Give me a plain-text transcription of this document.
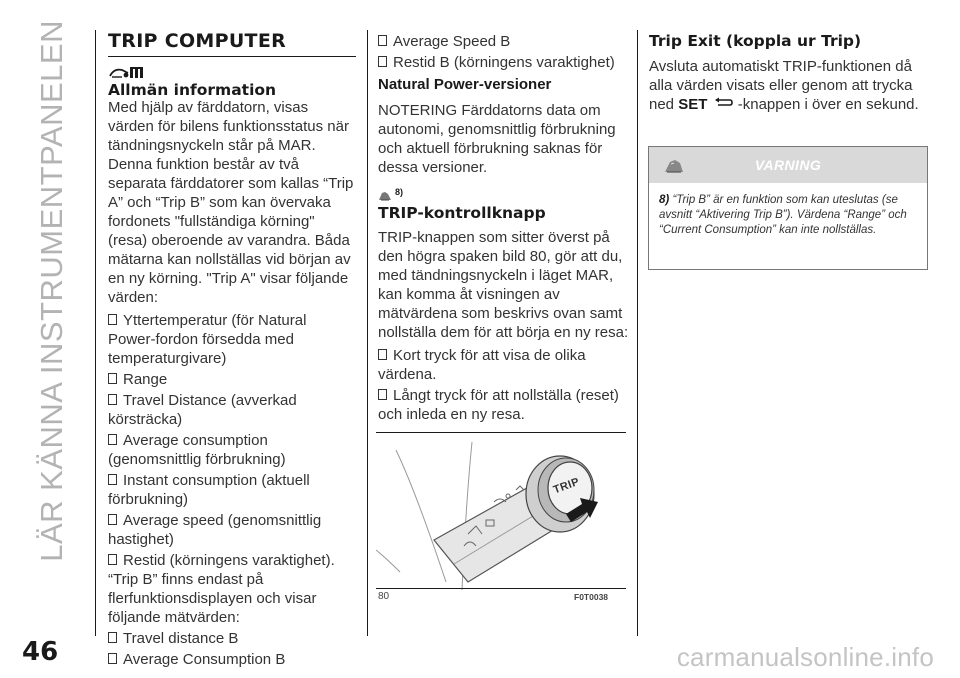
LÄR KÄNNA INSTRUMENTPANELEN
46	carmanualsonline.info
TRIP COMPUTER
Allmän information

Med hjälp av färddatorn, visas värden för bilens funktionsstatus när tändningsnyckeln står på MAR. Denna funktion består av två separata färddatorer som kallas “Trip A” och “Trip B” som kan övervaka fordonets "fullständiga körning" (resa) oberoende av varandra. Båda mätarna kan nollställas vid början av en ny körning. "Trip A" visar följande värden:

Yttertemperatur (för Natural Power-fordon försedda med temperaturgivare)

Range

Travel Distance (avverkad körsträcka)

Average consumption (genomsnittlig förbrukning)

Instant consumption (aktuell förbrukning)

Average speed (genomsnittlig hastighet)

Restid (körningens varaktighet).

“Trip B” finns endast på flerfunktionsdisplayen och visar följande mätvärden:

Travel distance B

Average Consumption B

Average Speed B

Restid B (körningens varaktighet)

Natural Power-versioner

NOTERING Färddatorns data om autonomi, genomsnittlig förbrukning och aktuell förbrukning saknas för dessa versioner.

8)
TRIP-kontrollknapp

TRIP-knappen som sitter överst på den högra spaken bild 80, gör att du, med tändningsnyckeln i läget MAR, kan komma åt visningen av mätvärdena som beskrivs ovan samt nollställa dem för att börja en ny resa:

Kort tryck för att visa de olika värdena.

Långt tryck för att nollställa (reset) och inleda en ny resa.

TRIP
80	F0T0038
Trip Exit (koppla ur Trip)

Avsluta automatiskt TRIP-funktionen då alla värden visats eller genom att trycka ned SET -knappen i över en sekund.

VARNING
8) “Trip B” är en funktion som kan uteslutas (se avsnitt “Aktivering Trip B”). Värdena “Range” och “Current Consumption” kan inte nollställas.
